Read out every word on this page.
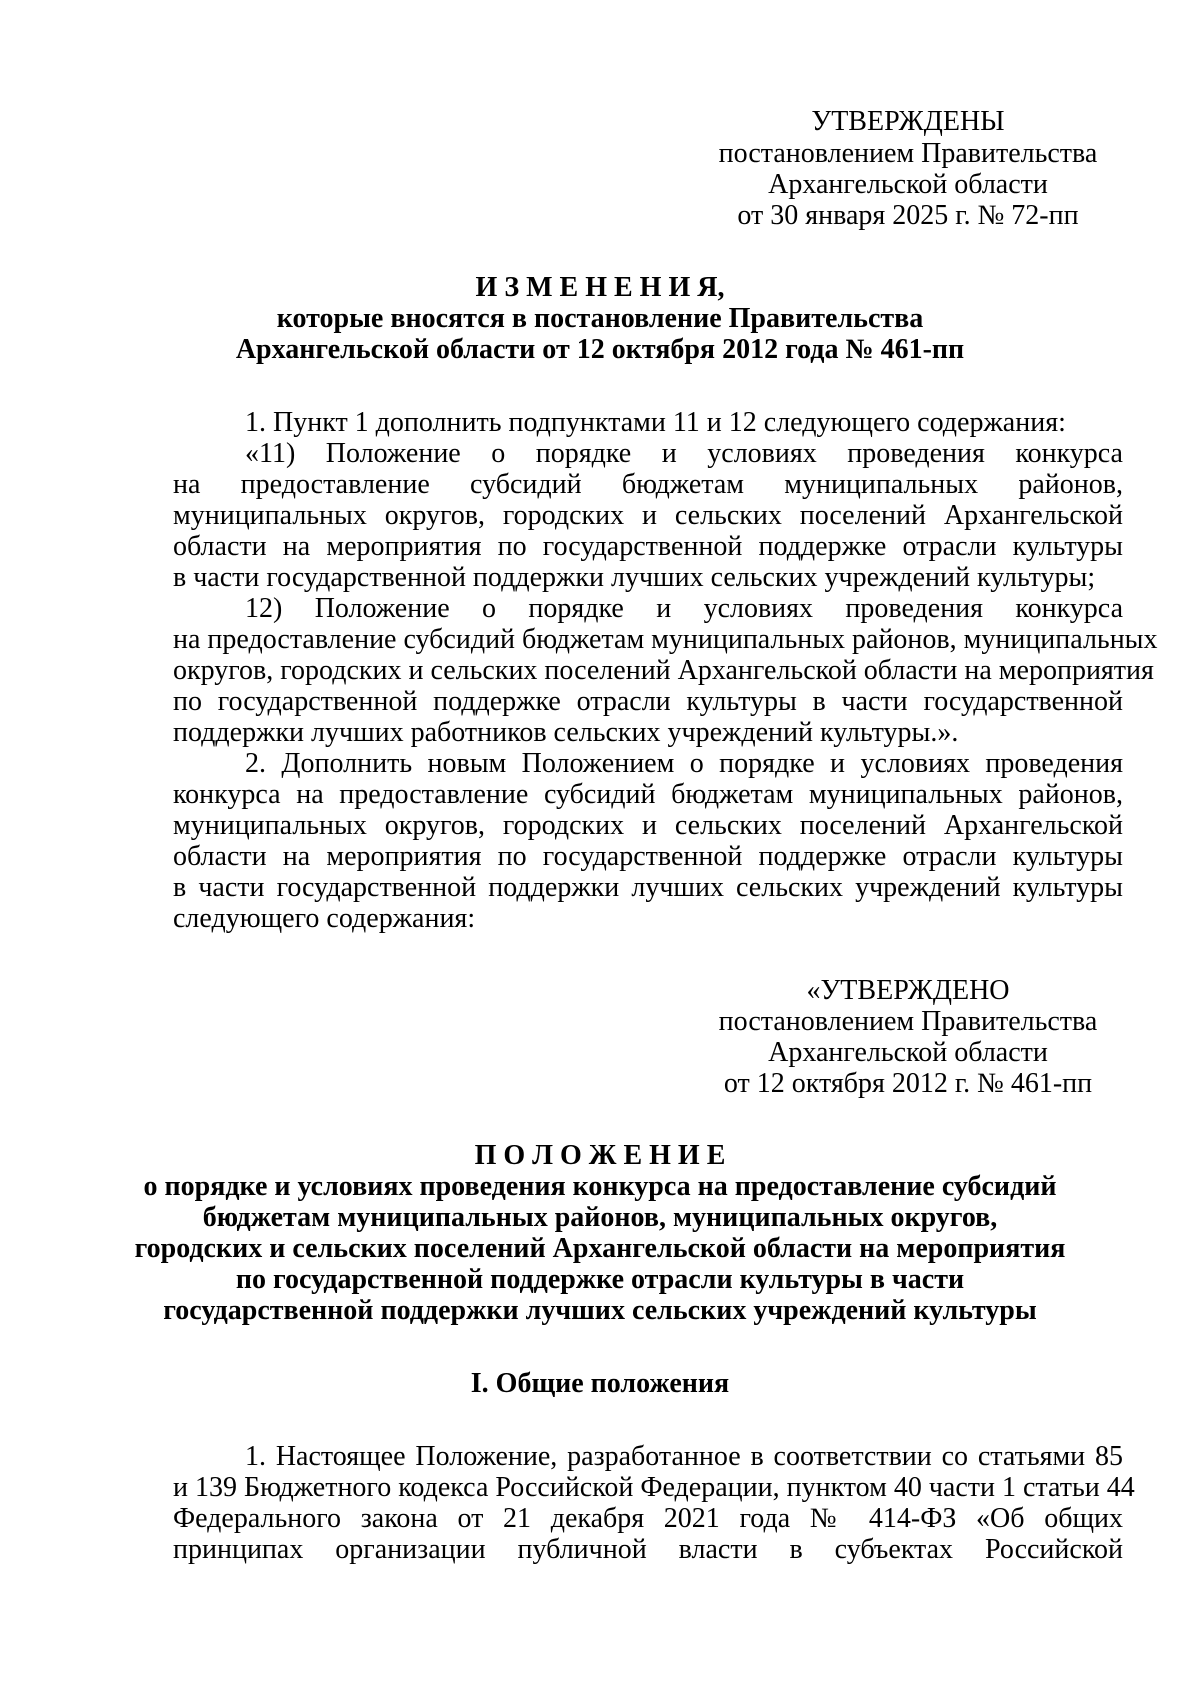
УТВЕРЖДЕНЫ
постановлением Правительства
Архангельской области
от 30 января 2025 г. № 72-пп
И З М Е Н Е Н И Я,
которые вносятся в постановление Правительства
Архангельской области от 12 октября 2012 года № 461-пп
1. Пункт 1 дополнить подпунктами 11 и 12 следующего содержания:
«11) Положение о порядке и условиях проведения конкурса
на предоставление субсидий бюджетам муниципальных районов,
муниципальных округов, городских и сельских поселений Архангельской
области на мероприятия по государственной поддержке отрасли культуры
в части государственной поддержки лучших сельских учреждений культуры;
12) Положение о порядке и условиях проведения конкурса
на предоставление субсидий бюджетам муниципальных районов, муниципальных
округов, городских и сельских поселений Архангельской области на мероприятия
по государственной поддержке отрасли культуры в части государственной
поддержки лучших работников сельских учреждений культуры.».
2. Дополнить новым Положением о порядке и условиях проведения
конкурса на предоставление субсидий бюджетам муниципальных районов,
муниципальных округов, городских и сельских поселений Архангельской
области на мероприятия по государственной поддержке отрасли культуры
в части государственной поддержки лучших сельских учреждений культуры
следующего содержания:
«УТВЕРЖДЕНО
постановлением Правительства
Архангельской области
от 12 октября 2012 г. № 461-пп
П О Л О Ж Е Н И Е
о порядке и условиях проведения конкурса на предоставление субсидий
бюджетам муниципальных районов, муниципальных округов,
городских и сельских поселений Архангельской области на мероприятия
по государственной поддержке отрасли культуры в части
государственной поддержки лучших сельских учреждений культуры
I. Общие положения
1. Настоящее Положение, разработанное в соответствии со статьями 85
и 139 Бюджетного кодекса Российской Федерации, пунктом 40 части 1 статьи 44
Федерального закона от 21 декабря 2021 года № 414-ФЗ «Об общих
принципах организации публичной власти в субъектах Российской
